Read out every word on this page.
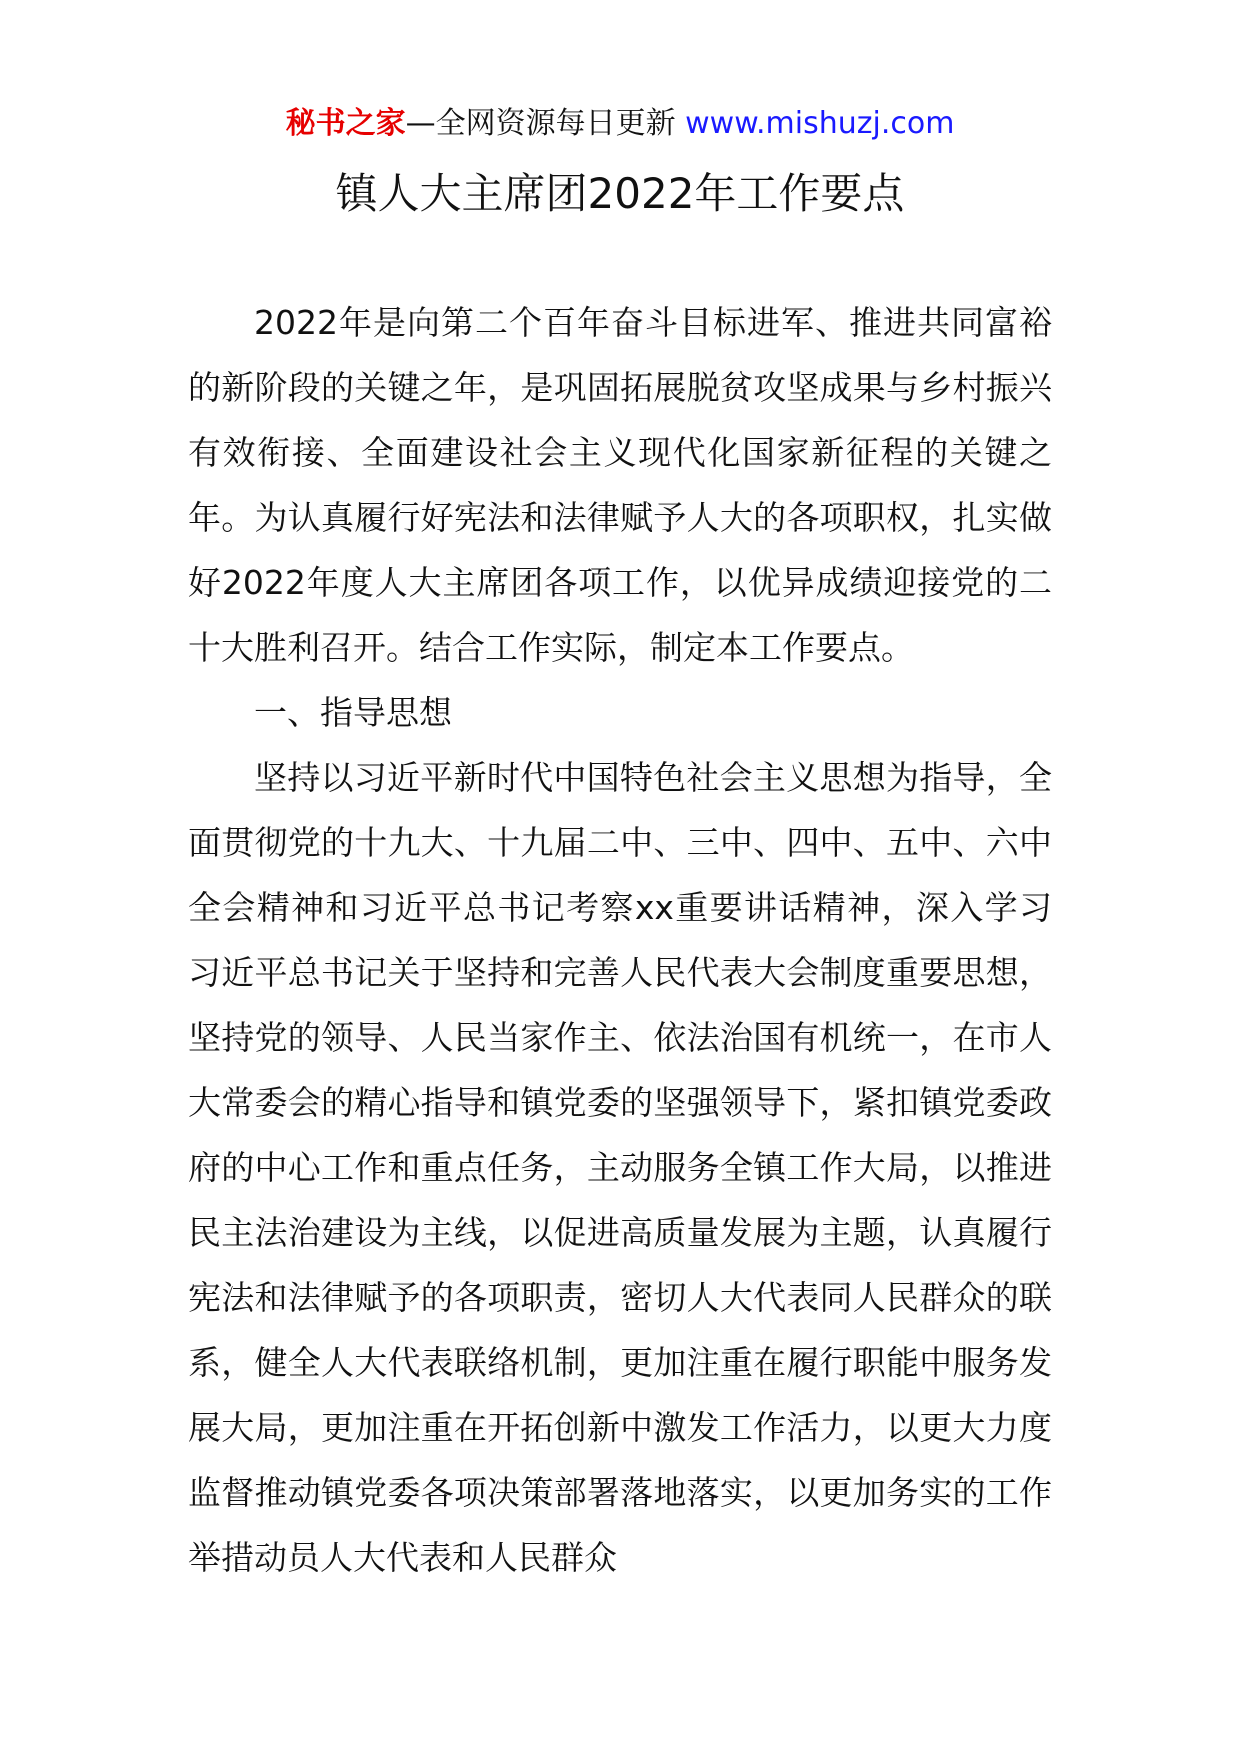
秘书之家—全网资源每日更新 www.mishuzj.com
镇人大主席团2022年工作要点

2022年是向第二个百年奋斗目标进军、推进共同富裕的新阶段的关键之年，是巩固拓展脱贫攻坚成果与乡村振兴有效衔接、全面建设社会主义现代化国家新征程的关键之年。为认真履行好宪法和法律赋予人大的各项职权，扎实做好2022年度人大主席团各项工作，以优异成绩迎接党的二十大胜利召开。结合工作实际，制定本工作要点。

一、指导思想

坚持以习近平新时代中国特色社会主义思想为指导，全面贯彻党的十九大、十九届二中、三中、四中、五中、六中全会精神和习近平总书记考察xx重要讲话精神，深入学习习近平总书记关于坚持和完善人民代表大会制度重要思想，坚持党的领导、人民当家作主、依法治国有机统一，在市人大常委会的精心指导和镇党委的坚强领导下，紧扣镇党委政府的中心工作和重点任务，主动服务全镇工作大局，以推进民主法治建设为主线，以促进高质量发展为主题，认真履行宪法和法律赋予的各项职责，密切人大代表同人民群众的联系，健全人大代表联络机制，更加注重在履行职能中服务发展大局，更加注重在开拓创新中激发工作活力，以更大力度监督推动镇党委各项决策部署落地落实，以更加务实的工作举措动员人大代表和人民群众
